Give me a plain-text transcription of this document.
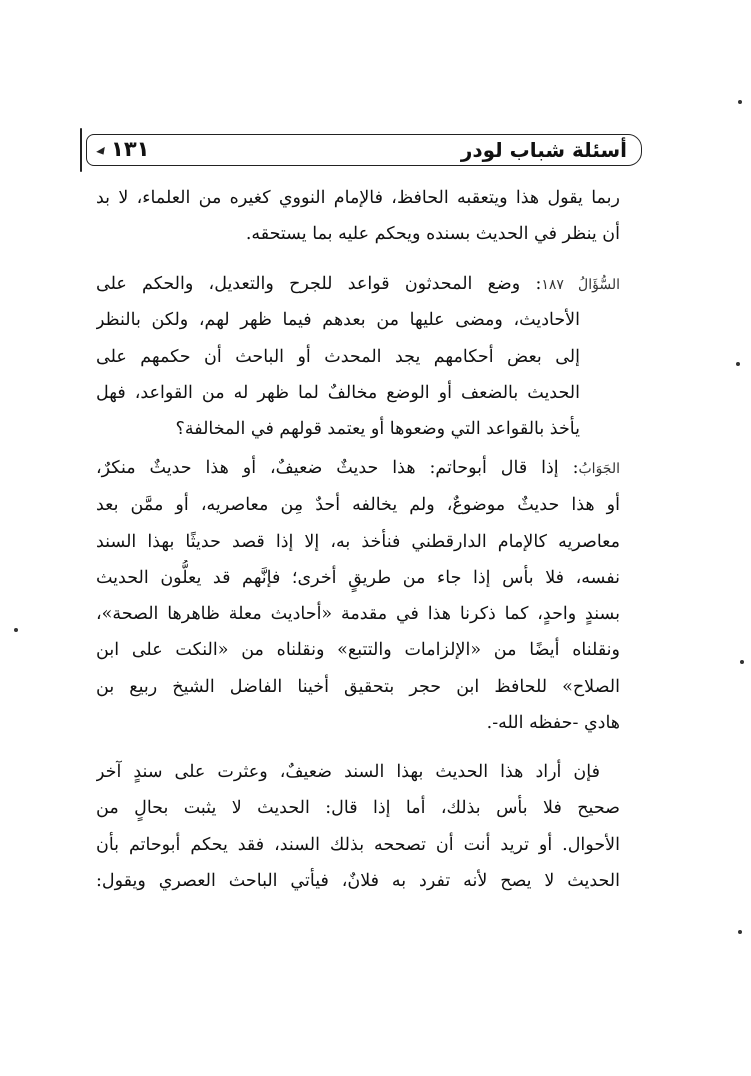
١٣١	أسئلة شباب لودر
ربما يقول هذا ويتعقبه الحافظ، فالإمام النووي كغيره من العلماء، لا بد
أن ينظر في الحديث بسنده ويحكم عليه بما يستحقه.
السُّؤَالُ ١٨٧: وضع المحدثون قواعد للجرح والتعديل، والحكم على
الأحاديث، ومضى عليها من بعدهم فيما ظهر لهم، ولكن بالنظر
إلى بعض أحكامهم يجد المحدث أو الباحث أن حكمهم على
الحديث بالضعف أو الوضع مخالفٌ لما ظهر له من القواعد، فهل
يأخذ بالقواعد التي وضعوها أو يعتمد قولهم في المخالفة؟
الجَوَابُ: إذا قال أبوحاتم: هذا حديثٌ ضعيفٌ، أو هذا حديثٌ منكرٌ،
أو هذا حديثٌ موضوعٌ، ولم يخالفه أحدٌ مِن معاصريه، أو ممَّن بعد
معاصريه كالإمام الدارقطني فنأخذ به، إلا إذا قصد حديثًا بهذا السند
نفسه، فلا بأس إذا جاء من طريقٍ أخرى؛ فإنَّهم قد يعلُّون الحديث
بسندٍ واحدٍ، كما ذكرنا هذا في مقدمة «أحاديث معلة ظاهرها الصحة»،
ونقلناه أيضًا من «الإلزامات والتتبع» ونقلناه من «النكت على ابن
الصلاح» للحافظ ابن حجر بتحقيق أخينا الفاضل الشيخ ربيع بن
هادي -حفظه الله-.
فإن أراد هذا الحديث بهذا السند ضعيفٌ، وعثرت على سندٍ آخر
صحيح فلا بأس بذلك، أما إذا قال: الحديث لا يثبت بحالٍ من
الأحوال. أو تريد أنت أن تصححه بذلك السند، فقد يحكم أبوحاتم بأن
الحديث لا يصح لأنه تفرد به فلانٌ، فيأتي الباحث العصري ويقول:
